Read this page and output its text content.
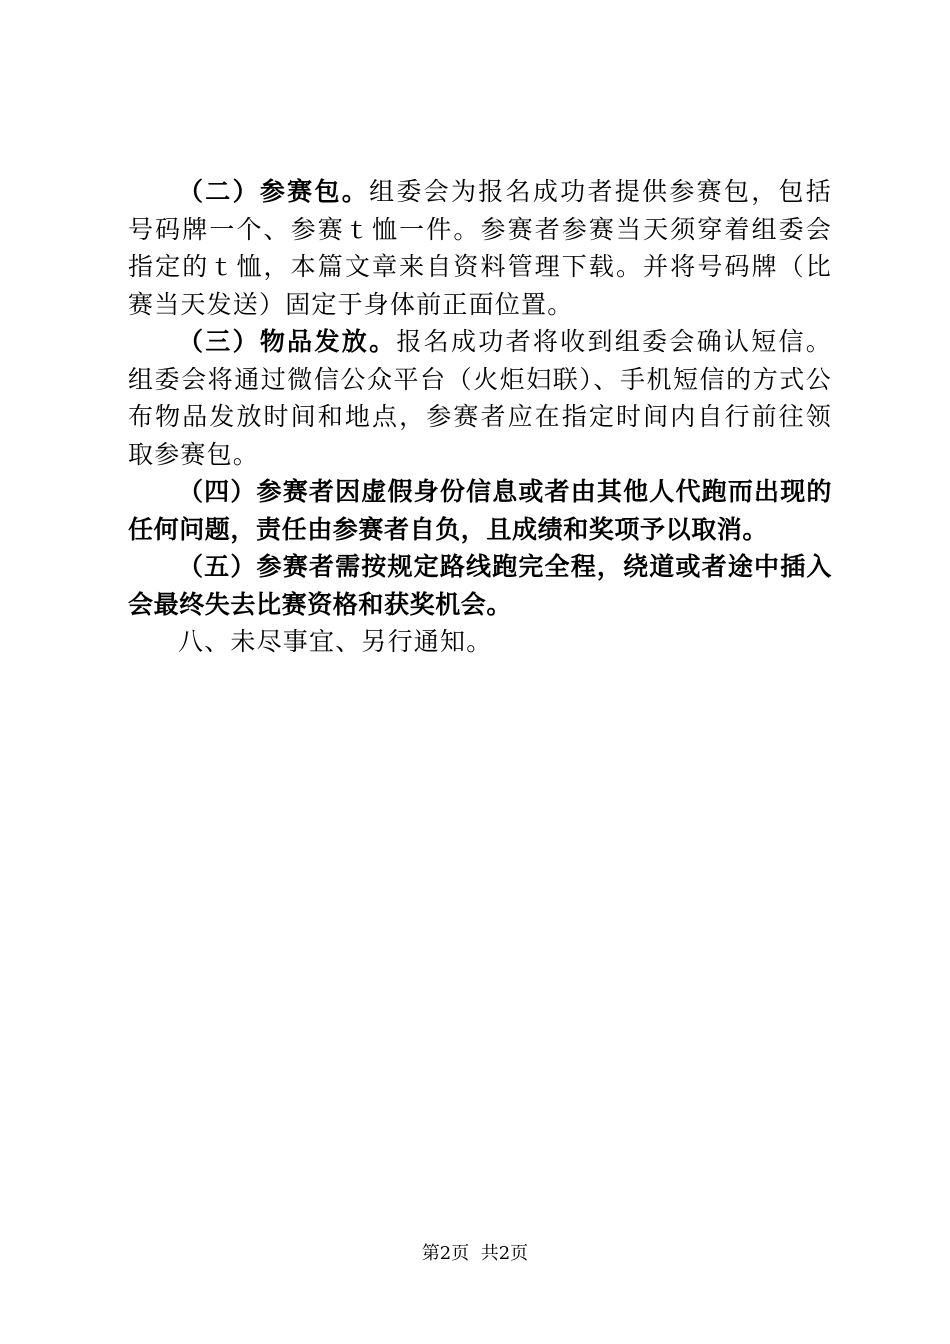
（二）参赛包。组委会为报名成功者提供参赛包，包括号码牌一个、参赛ｔ恤一件。参赛者参赛当天须穿着组委会指定的ｔ恤，本篇文章来自资料管理下载。并将号码牌（比赛当天发送）固定于身体前正面位置。

（三）物品发放。报名成功者将收到组委会确认短信。组委会将通过微信公众平台（火炬妇联）、手机短信的方式公布物品发放时间和地点，参赛者应在指定时间内自行前往领取参赛包。

（四）参赛者因虚假身份信息或者由其他人代跑而出现的任何问题，责任由参赛者自负，且成绩和奖项予以取消。

（五）参赛者需按规定路线跑完全程，绕道或者途中插入会最终失去比赛资格和获奖机会。

八、未尽事宜、另行通知。

第2页 共2页
